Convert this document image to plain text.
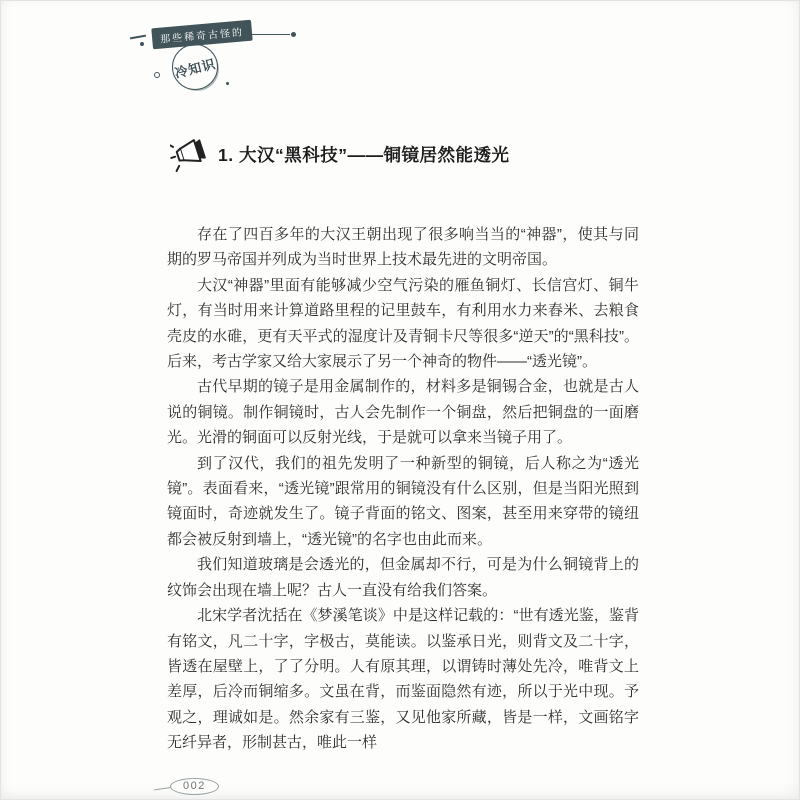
那些稀奇古怪的
冷知识
1. 大汉“黑科技”——铜镜居然能透光

存在了四百多年的大汉王朝出现了很多响当当的“神器”，使其与同期的罗马帝国并列成为当时世界上技术最先进的文明帝国。

大汉“神器”里面有能够减少空气污染的雁鱼铜灯、长信宫灯、铜牛灯，有当时用来计算道路里程的记里鼓车，有利用水力来舂米、去粮食壳皮的水碓，更有天平式的湿度计及青铜卡尺等很多“逆天”的“黑科技”。后来，考古学家又给大家展示了另一个神奇的物件——“透光镜”。

古代早期的镜子是用金属制作的，材料多是铜锡合金，也就是古人说的铜镜。制作铜镜时，古人会先制作一个铜盘，然后把铜盘的一面磨光。光滑的铜面可以反射光线，于是就可以拿来当镜子用了。

到了汉代，我们的祖先发明了一种新型的铜镜，后人称之为“透光镜”。表面看来，“透光镜”跟常用的铜镜没有什么区别，但是当阳光照到镜面时，奇迹就发生了。镜子背面的铭文、图案，甚至用来穿带的镜纽都会被反射到墙上，“透光镜”的名字也由此而来。

我们知道玻璃是会透光的，但金属却不行，可是为什么铜镜背上的纹饰会出现在墙上呢？古人一直没有给我们答案。

北宋学者沈括在《梦溪笔谈》中是这样记载的：“世有透光鉴，鉴背有铭文，凡二十字，字极古，莫能读。以鉴承日光，则背文及二十字，皆透在屋壁上，了了分明。人有原其理，以谓铸时薄处先冷，唯背文上差厚，后冷而铜缩多。文虽在背，而鉴面隐然有迹，所以于光中现。予观之，理诚如是。然余家有三鉴，又见他家所藏，皆是一样，文画铭字无纤异者，形制甚古，唯此一样

002
